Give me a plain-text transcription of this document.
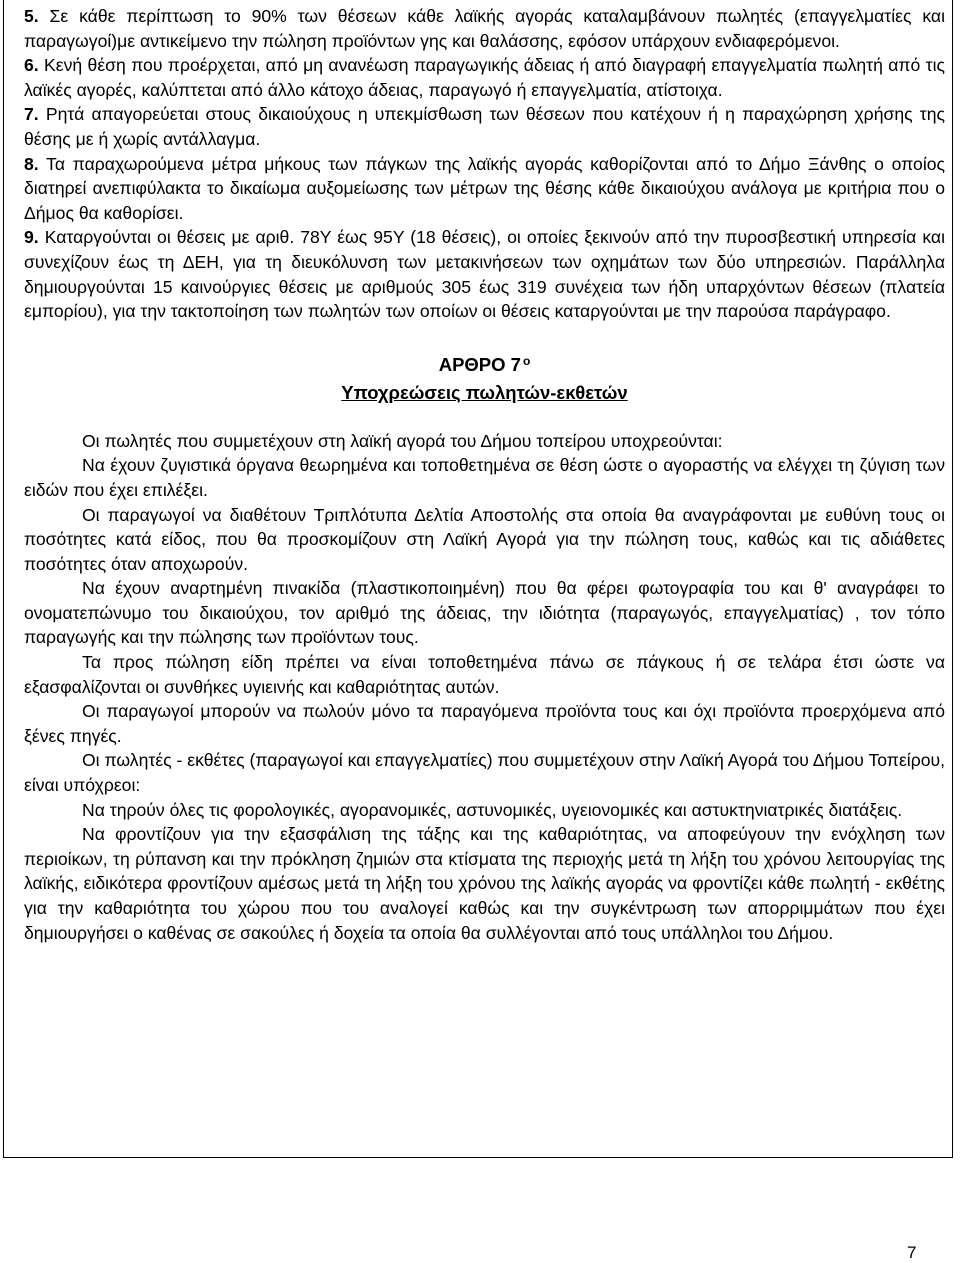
5. Σε κάθε περίπτωση το 90% των θέσεων κάθε λαϊκής αγοράς καταλαμβάνουν πωλητές (επαγγελματίες και παραγωγοί)με αντικείμενο την πώληση προϊόντων γης και θαλάσσης, εφόσον υπάρχουν ενδιαφερόμενοι.

6. Κενή θέση που προέρχεται, από μη ανανέωση παραγωγικής άδειας ή από διαγραφή επαγγελματία πωλητή από τις λαϊκές αγορές, καλύπτεται από άλλο κάτοχο άδειας, παραγωγό ή επαγγελματία, ατίστοιχα.

7. Ρητά απαγορεύεται στους δικαιούχους η υπεκμίσθωση των θέσεων που κατέχουν ή η παραχώρηση χρήσης της θέσης με ή χωρίς αντάλλαγμα.

8. Τα παραχωρούμενα μέτρα μήκους των πάγκων της λαϊκής αγοράς καθορίζονται από το Δήμο Ξάνθης ο οποίος διατηρεί ανεπιφύλακτα το δικαίωμα αυξομείωσης των μέτρων της θέσης κάθε δικαιούχου ανάλογα με κριτήρια που ο Δήμος θα καθορίσει.

9. Καταργούνται οι θέσεις με αριθ. 78Υ έως 95Υ (18 θέσεις), οι οποίες ξεκινούν από την πυροσβεστική υπηρεσία και συνεχίζουν έως τη ΔΕΗ, για τη διευκόλυνση των μετακινήσεων των οχημάτων των δύο υπηρεσιών. Παράλληλα δημιουργούνται 15 καινούργιες θέσεις με αριθμούς 305 έως 319 συνέχεια των ήδη υπαρχόντων θέσεων (πλατεία εμπορίου), για την τακτοποίηση των πωλητών των οποίων οι θέσεις καταργούνται με την παρούσα παράγραφο.

ΑΡΘΡΟ 7 $^o$

Υποχρεώσεις πωλητών-εκθετών

Οι πωλητές που συμμετέχουν στη λαϊκή αγορά του Δήμου τοπείρου υποχρεούνται:

Να έχουν ζυγιστικά όργανα θεωρημένα και τοποθετημένα σε θέση ώστε ο αγοραστής να ελέγχει τη ζύγιση των ειδών που έχει επιλέξει.

Οι παραγωγοί να διαθέτουν Τριπλότυπα Δελτία Αποστολής στα οποία θα αναγράφονται με ευθύνη τους οι ποσότητες κατά είδος, που θα προσκομίζουν στη Λαϊκή Αγορά για την πώληση τους, καθώς και τις αδιάθετες ποσότητες όταν αποχωρούν.

Να έχουν αναρτημένη πινακίδα (πλαστικοποιημένη) που θα φέρει φωτογραφία του και θ' αναγράφει το ονοματεπώνυμο του δικαιούχου, τον αριθμό της άδειας, την ιδιότητα (παραγωγός, επαγγελματίας) , τον τόπο παραγωγής και την πώλησης των προϊόντων τους.

Τα προς πώληση είδη πρέπει να είναι τοποθετημένα πάνω σε πάγκους ή σε τελάρα έτσι ώστε να εξασφαλίζονται οι συνθήκες υγιεινής και καθαριότητας αυτών.

Οι παραγωγοί μπορούν να πωλούν μόνο τα παραγόμενα προϊόντα τους και όχι προϊόντα προερχόμενα από ξένες πηγές.

Οι πωλητές - εκθέτες (παραγωγοί και επαγγελματίες) που συμμετέχουν στην Λαϊκή Αγορά του Δήμου Τοπείρου, είναι υπόχρεοι:

Να τηρούν όλες τις φορολογικές, αγορανομικές, αστυνομικές, υγειονομικές και αστυκτηνιατρικές διατάξεις.

Να φροντίζουν για την εξασφάλιση της τάξης και της καθαριότητας, να αποφεύγουν την ενόχληση των περιοίκων, τη ρύπανση και την πρόκληση ζημιών στα κτίσματα της περιοχής μετά τη λήξη του χρόνου λειτουργίας της λαϊκής, ειδικότερα φροντίζουν αμέσως μετά τη λήξη του χρόνου της λαϊκής αγοράς να φροντίζει κάθε πωλητή - εκθέτης για την καθαριότητα του χώρου που του αναλογεί καθώς και την συγκέντρωση των απορριμμάτων που έχει δημιουργήσει ο καθένας σε σακούλες ή δοχεία τα οποία θα συλλέγονται από τους υπάλληλοι του Δήμου.

7
